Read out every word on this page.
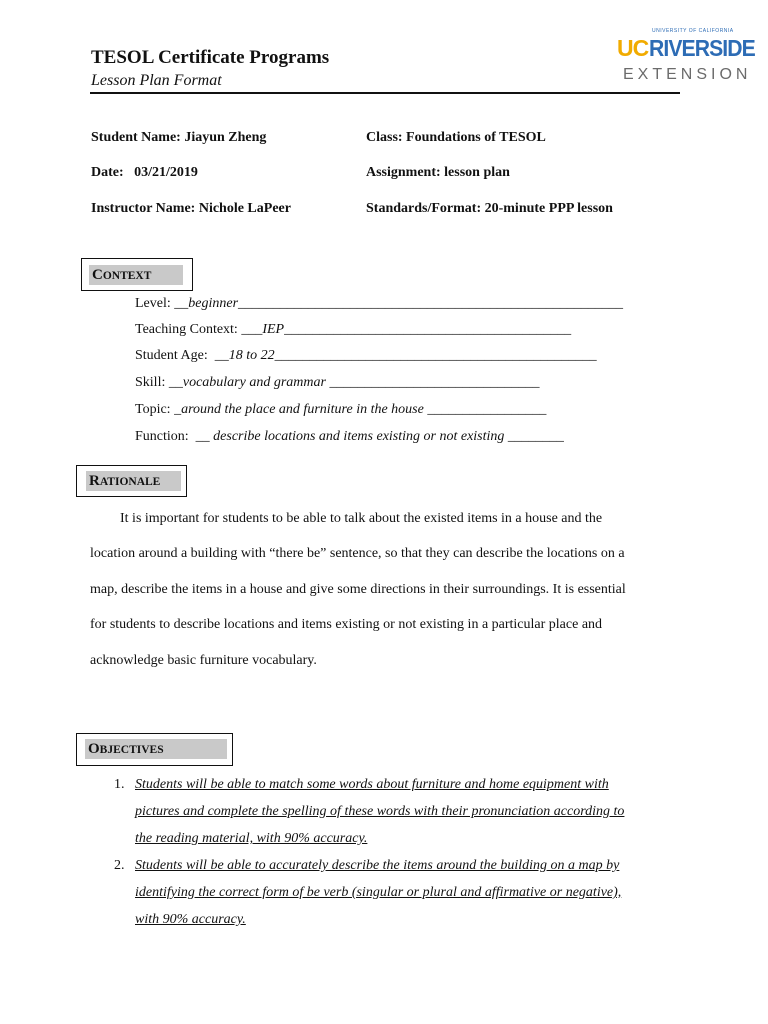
TESOL Certificate Programs
Lesson Plan Format
UNIVERSITY OF CALIFORNIA
UC RIVERSIDE
EXTENSION
Student Name: Jiayun Zheng	Class: Foundations of TESOL
Date:   03/21/2019	Assignment: lesson plan
Instructor Name: Nichole LaPeer	Standards/Format: 20-minute PPP lesson
CONTEXT
Level: __beginner_______________________________________________________
Teaching Context: ___IEP_________________________________________
Student Age:  __18 to 22______________________________________________
Skill: __vocabulary and grammar ______________________________
Topic: _around the place and furniture in the house _________________
Function:  __ describe locations and items existing or not existing ________
RATIONALE
It is important for students to be able to talk about the existed items in a house and the
location around a building with “there be” sentence, so that they can describe the locations on a
map, describe the items in a house and give some directions in their surroundings. It is essential
for students to describe locations and items existing or not existing in a particular place and
acknowledge basic furniture vocabulary.
OBJECTIVES
1. Students will be able to match some words about furniture and home equipment with
pictures and complete the spelling of these words with their pronunciation according to
the reading material, with 90% accuracy.
2. Students will be able to accurately describe the items around the building on a map by
identifying the correct form of be verb (singular or plural and affirmative or negative),
with 90% accuracy.
